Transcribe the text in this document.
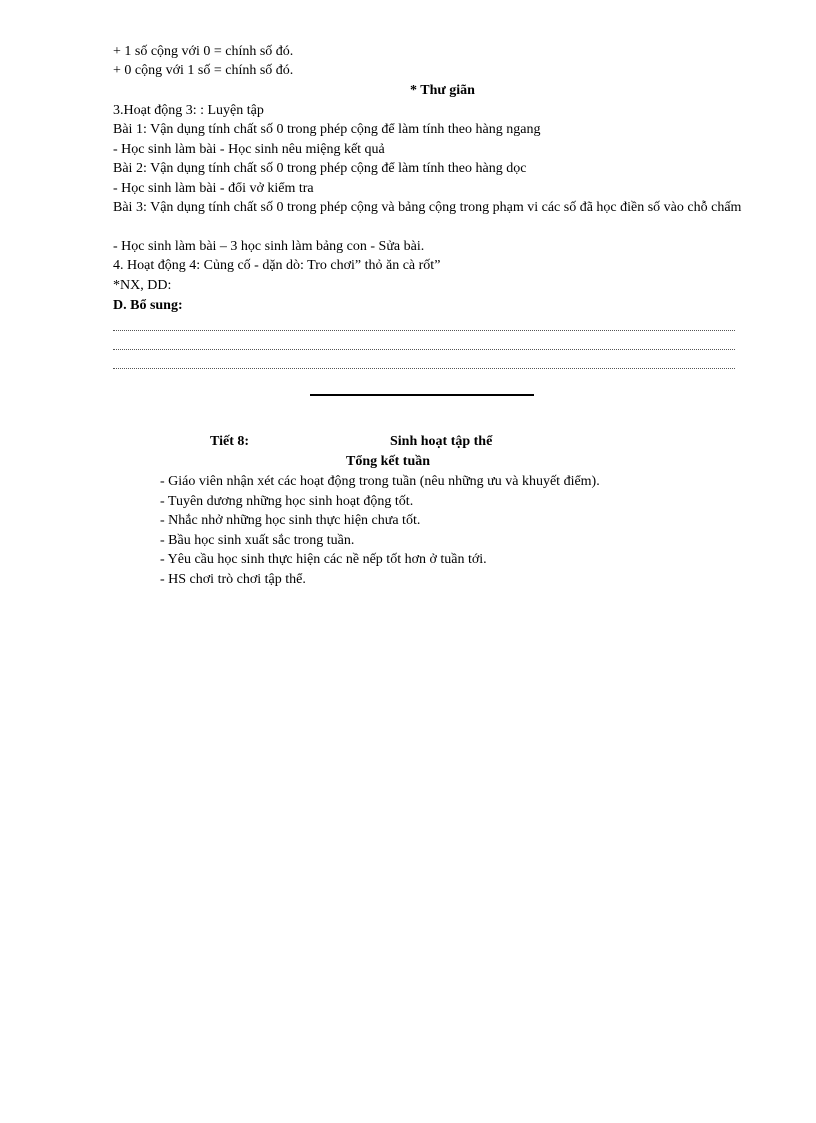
+ 1 số cộng với 0 = chính số đó.
+ 0 cộng với 1 số = chính số đó.
* Thư giãn
3.Hoạt động 3: : Luyện tập
Bài 1: Vận dụng tính chất số 0 trong phép cộng để làm tính theo hàng ngang
- Học sinh làm bài - Học sinh nêu miệng kết quả
Bài 2: Vận dụng tính chất số 0 trong phép cộng để làm tính theo hàng dọc
- Học sinh làm bài - đổi vở kiểm tra
Bài 3: Vận dụng tính chất số 0 trong phép cộng và bảng cộng trong phạm vi các số đã học điền số vào chỗ chấm
- Học sinh làm bài – 3 học sinh làm bảng con - Sửa bài.
4. Hoạt động 4: Củng cố - dặn dò: Tro chơi” thỏ ăn cà rốt”
*NX, DD:
D. Bổ sung:
Tiết 8:	Sinh hoạt tập thể
Tổng kết tuần
- Giáo viên nhận xét các hoạt động trong tuần (nêu những ưu và khuyết điểm).
- Tuyên dương những học sinh hoạt động tốt.
- Nhắc nhở những học sinh thực hiện chưa tốt.
- Bầu học sinh xuất sắc trong tuần.
- Yêu cầu học sinh thực hiện các nề nếp tốt hơn ở tuần tới.
- HS chơi trò chơi tập thể.
